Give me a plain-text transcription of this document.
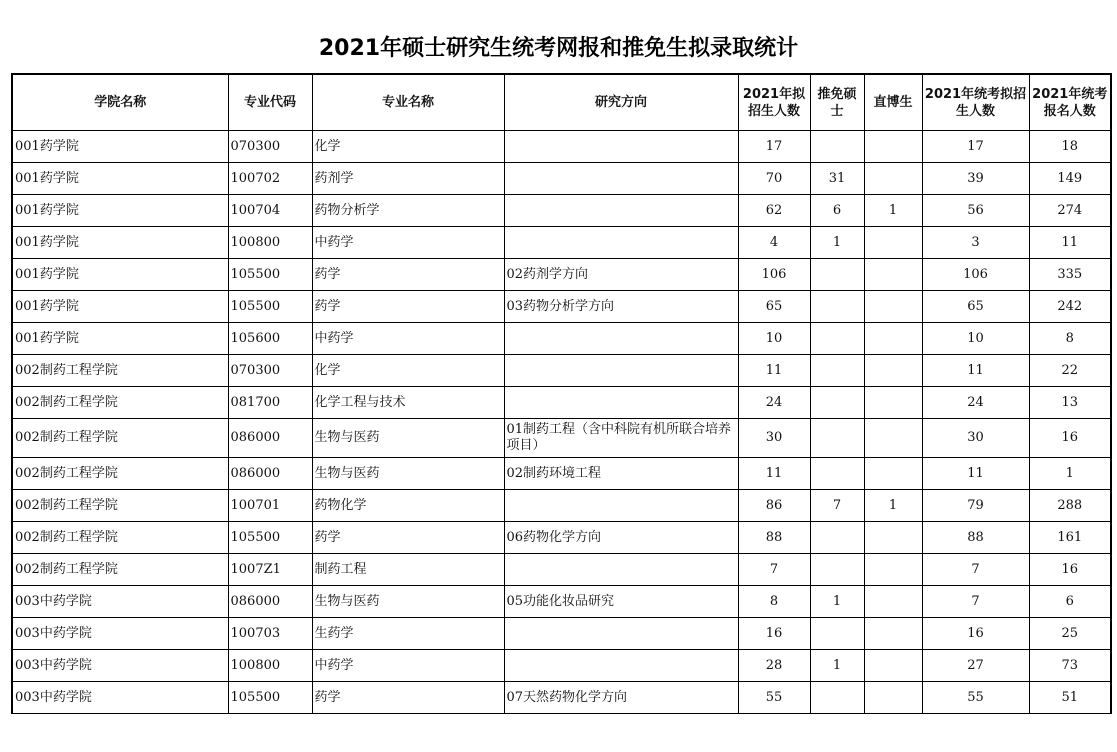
2021年硕士研究生统考网报和推免生拟录取统计
学院名称	专业代码	专业名称	研究方向	2021年拟招生人数	推免硕士	直博生	2021年统考拟招生人数	2021年统考报名人数
001药学院	070300	化学		17			17	18
001药学院	100702	药剂学		70	31		39	149
001药学院	100704	药物分析学		62	6	1	56	274
001药学院	100800	中药学		4	1		3	11
001药学院	105500	药学	02药剂学方向	106			106	335
001药学院	105500	药学	03药物分析学方向	65			65	242
001药学院	105600	中药学		10			10	8
002制药工程学院	070300	化学		11			11	22
002制药工程学院	081700	化学工程与技术		24			24	13
002制药工程学院	086000	生物与医药	01制药工程（含中科院有机所联合培养项目）	30			30	16
002制药工程学院	086000	生物与医药	02制药环境工程	11			11	1
002制药工程学院	100701	药物化学		86	7	1	79	288
002制药工程学院	105500	药学	06药物化学方向	88			88	161
002制药工程学院	1007Z1	制药工程		7			7	16
003中药学院	086000	生物与医药	05功能化妆品研究	8	1		7	6
003中药学院	100703	生药学		16			16	25
003中药学院	100800	中药学		28	1		27	73
003中药学院	105500	药学	07天然药物化学方向	55			55	51
